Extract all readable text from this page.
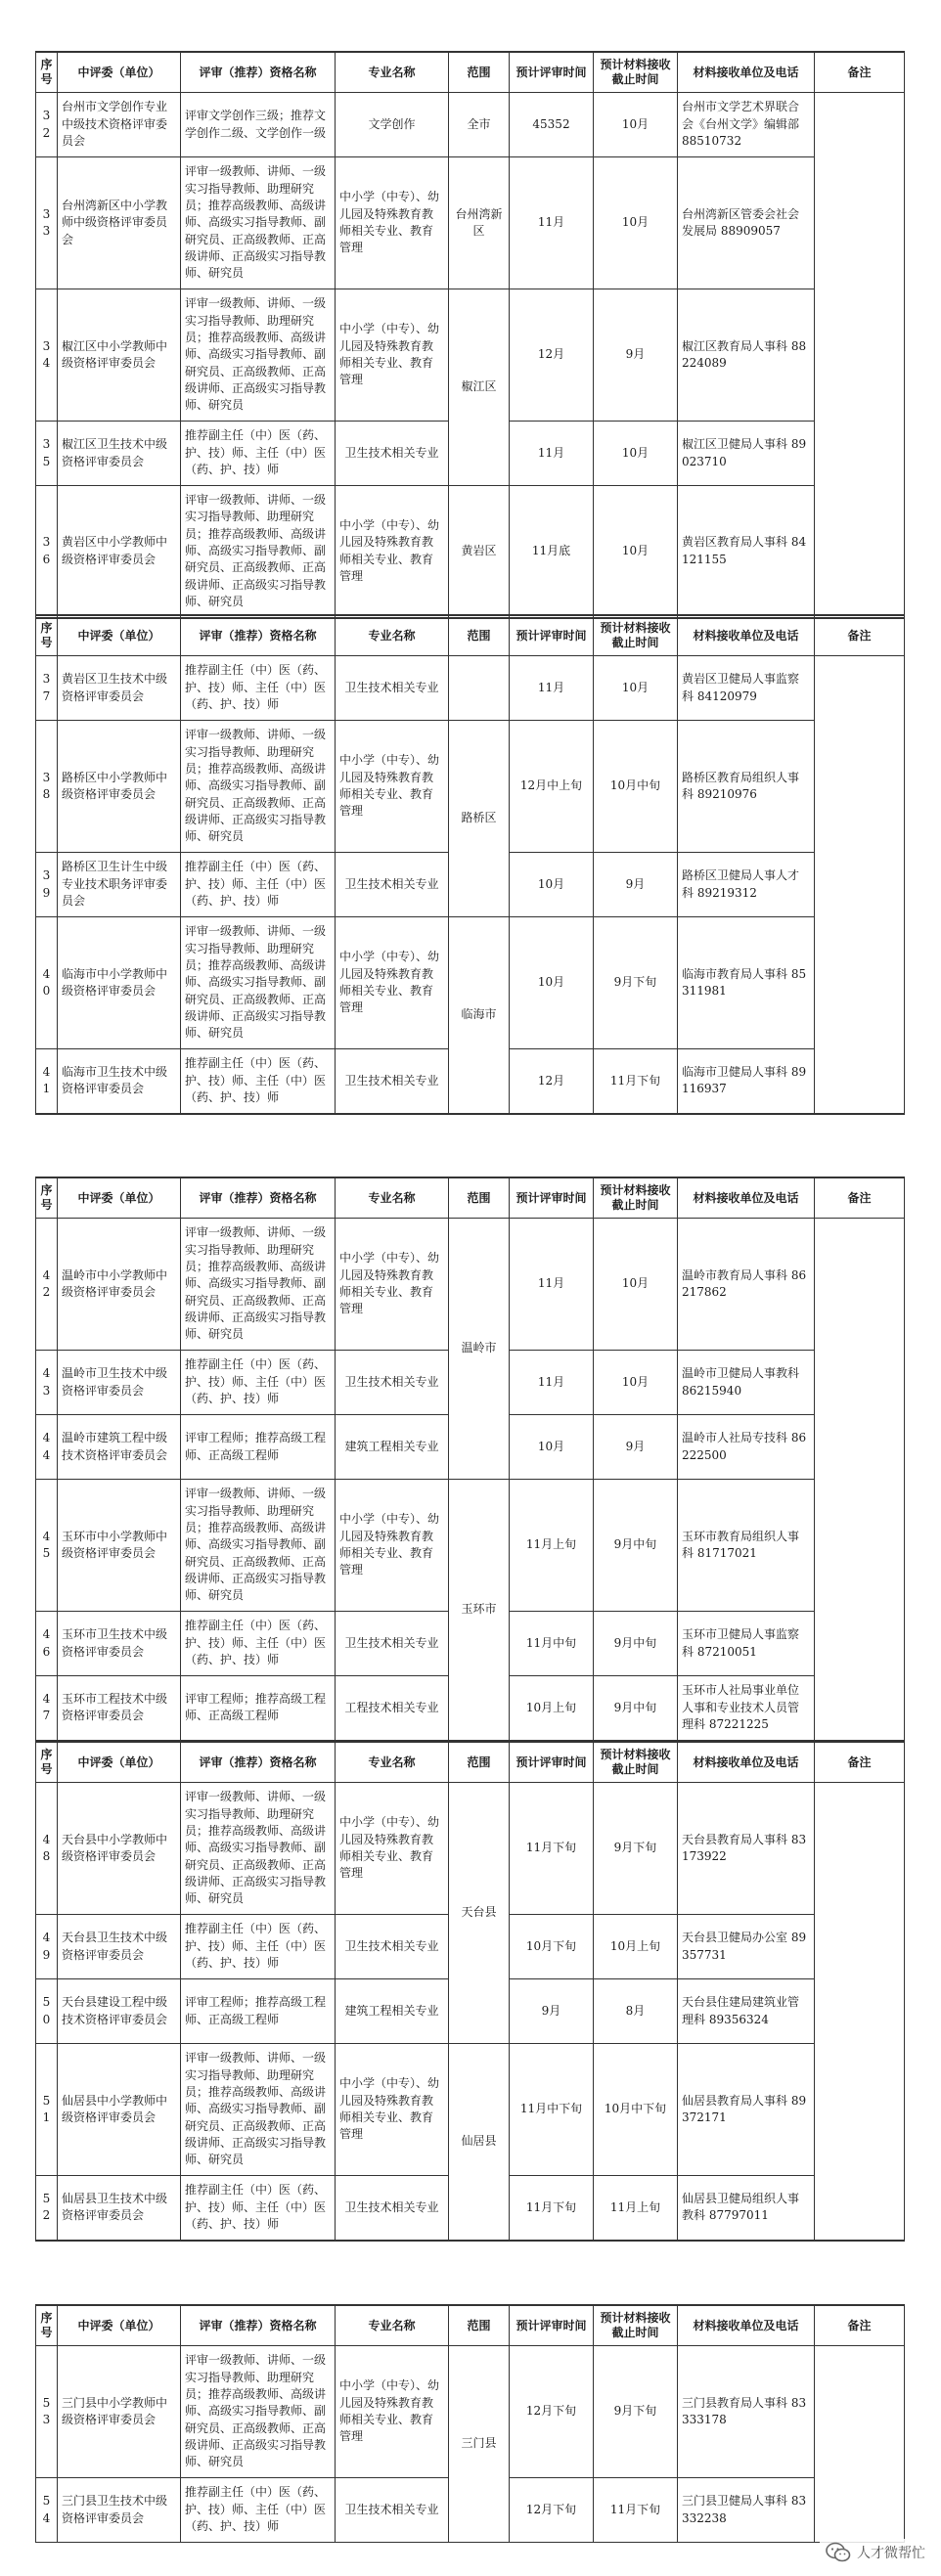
序号	中评委（单位）	评审（推荐）资格名称	专业名称	范围	预计评审时间	预计材料接收截止时间	材料接收单位及电话	备注
32	台州市文学创作专业中级技术资格评审委员会	评审文学创作三级；推荐文学创作二级、文学创作一级	文学创作	全市	45352	10月	台州市文学艺术界联合会《台州文学》编辑部 88510732	
33	台州湾新区中小学教师中级资格评审委员会	评审一级教师、讲师、一级实习指导教师、助理研究员；推荐高级教师、高级讲师、高级实习指导教师、副研究员、正高级教师、正高级讲师、正高级实习指导教师、研究员	中小学（中专）、幼儿园及特殊教育教师相关专业、教育管理	台州湾新区	11月	10月	台州湾新区管委会社会发展局 88909057	
34	椒江区中小学教师中级资格评审委员会	评审一级教师、讲师、一级实习指导教师、助理研究员；推荐高级教师、高级讲师、高级实习指导教师、副研究员、正高级教师、正高级讲师、正高级实习指导教师、研究员	中小学（中专）、幼儿园及特殊教育教师相关专业、教育管理	椒江区	12月	9月	椒江区教育局人事科 88224089	
35	椒江区卫生技术中级资格评审委员会	推荐副主任（中）医（药、护、技）师、主任（中）医（药、护、技）师	卫生技术相关专业		11月	10月	椒江区卫健局人事科 89023710	
36	黄岩区中小学教师中级资格评审委员会	评审一级教师、讲师、一级实习指导教师、助理研究员；推荐高级教师、高级讲师、高级实习指导教师、副研究员、正高级教师、正高级讲师、正高级实习指导教师、研究员	中小学（中专）、幼儿园及特殊教育教师相关专业、教育管理	黄岩区	11月底	10月	黄岩区教育局人事科 84121155	
序号	中评委（单位）	评审（推荐）资格名称	专业名称	范围	预计评审时间	预计材料接收截止时间	材料接收单位及电话	备注
37	黄岩区卫生技术中级资格评审委员会	推荐副主任（中）医（药、护、技）师、主任（中）医（药、护、技）师	卫生技术相关专业		11月	10月	黄岩区卫健局人事监察科 84120979	
38	路桥区中小学教师中级资格评审委员会	评审一级教师、讲师、一级实习指导教师、助理研究员；推荐高级教师、高级讲师、高级实习指导教师、副研究员、正高级教师、正高级讲师、正高级实习指导教师、研究员	中小学（中专）、幼儿园及特殊教育教师相关专业、教育管理	路桥区	12月中上旬	10月中旬	路桥区教育局组织人事科 89210976	
39	路桥区卫生计生中级专业技术职务评审委员会	推荐副主任（中）医（药、护、技）师、主任（中）医（药、护、技）师	卫生技术相关专业		10月	9月	路桥区卫健局人事人才科 89219312	
40	临海市中小学教师中级资格评审委员会	评审一级教师、讲师、一级实习指导教师、助理研究员；推荐高级教师、高级讲师、高级实习指导教师、副研究员、正高级教师、正高级讲师、正高级实习指导教师、研究员	中小学（中专）、幼儿园及特殊教育教师相关专业、教育管理	临海市	10月	9月下旬	临海市教育局人事科 85311981	
41	临海市卫生技术中级资格评审委员会	推荐副主任（中）医（药、护、技）师、主任（中）医（药、护、技）师	卫生技术相关专业		12月	11月下旬	临海市卫健局人事科 89116937	
序号	中评委（单位）	评审（推荐）资格名称	专业名称	范围	预计评审时间	预计材料接收截止时间	材料接收单位及电话	备注
42	温岭市中小学教师中级资格评审委员会	评审一级教师、讲师、一级实习指导教师、助理研究员；推荐高级教师、高级讲师、高级实习指导教师、副研究员、正高级教师、正高级讲师、正高级实习指导教师、研究员	中小学（中专）、幼儿园及特殊教育教师相关专业、教育管理	温岭市	11月	10月	温岭市教育局人事科 86217862	
43	温岭市卫生技术中级资格评审委员会	推荐副主任（中）医（药、护、技）师、主任（中）医（药、护、技）师	卫生技术相关专业		11月	10月	温岭市卫健局人事教科 86215940	
44	温岭市建筑工程中级技术资格评审委员会	评审工程师；推荐高级工程师、正高级工程师	建筑工程相关专业		10月	9月	温岭市人社局专技科 86222500	
45	玉环市中小学教师中级资格评审委员会	评审一级教师、讲师、一级实习指导教师、助理研究员；推荐高级教师、高级讲师、高级实习指导教师、副研究员、正高级教师、正高级讲师、正高级实习指导教师、研究员	中小学（中专）、幼儿园及特殊教育教师相关专业、教育管理	玉环市	11月上旬	9月中旬	玉环市教育局组织人事科 81717021	
46	玉环市卫生技术中级资格评审委员会	推荐副主任（中）医（药、护、技）师、主任（中）医（药、护、技）师	卫生技术相关专业		11月中旬	9月中旬	玉环市卫健局人事监察科 87210051	
47	玉环市工程技术中级资格评审委员会	评审工程师；推荐高级工程师、正高级工程师	工程技术相关专业		10月上旬	9月中旬	玉环市人社局事业单位人事和专业技术人员管理科 87221225	
序号	中评委（单位）	评审（推荐）资格名称	专业名称	范围	预计评审时间	预计材料接收截止时间	材料接收单位及电话	备注
48	天台县中小学教师中级资格评审委员会	评审一级教师、讲师、一级实习指导教师、助理研究员；推荐高级教师、高级讲师、高级实习指导教师、副研究员、正高级教师、正高级讲师、正高级实习指导教师、研究员	中小学（中专）、幼儿园及特殊教育教师相关专业、教育管理	天台县	11月下旬	9月下旬	天台县教育局人事科 83173922	
49	天台县卫生技术中级资格评审委员会	推荐副主任（中）医（药、护、技）师、主任（中）医（药、护、技）师	卫生技术相关专业		10月下旬	10月上旬	天台县卫健局办公室 89357731	
50	天台县建设工程中级技术资格评审委员会	评审工程师；推荐高级工程师、正高级工程师	建筑工程相关专业		9月	8月	天台县住建局建筑业管理科 89356324	
51	仙居县中小学教师中级资格评审委员会	评审一级教师、讲师、一级实习指导教师、助理研究员；推荐高级教师、高级讲师、高级实习指导教师、副研究员、正高级教师、正高级讲师、正高级实习指导教师、研究员	中小学（中专）、幼儿园及特殊教育教师相关专业、教育管理	仙居县	11月中下旬	10月中下旬	仙居县教育局人事科 89372171	
52	仙居县卫生技术中级资格评审委员会	推荐副主任（中）医（药、护、技）师、主任（中）医（药、护、技）师	卫生技术相关专业		11月下旬	11月上旬	仙居县卫健局组织人事教科 87797011	
序号	中评委（单位）	评审（推荐）资格名称	专业名称	范围	预计评审时间	预计材料接收截止时间	材料接收单位及电话	备注
53	三门县中小学教师中级资格评审委员会	评审一级教师、讲师、一级实习指导教师、助理研究员；推荐高级教师、高级讲师、高级实习指导教师、副研究员、正高级教师、正高级讲师、正高级实习指导教师、研究员	中小学（中专）、幼儿园及特殊教育教师相关专业、教育管理	三门县	12月下旬	9月下旬	三门县教育局人事科 83333178	
54	三门县卫生技术中级资格评审委员会	推荐副主任（中）医（药、护、技）师、主任（中）医（药、护、技）师	卫生技术相关专业		12月下旬	11月下旬	三门县卫健局人事科 83332238	
人才微帮忙
